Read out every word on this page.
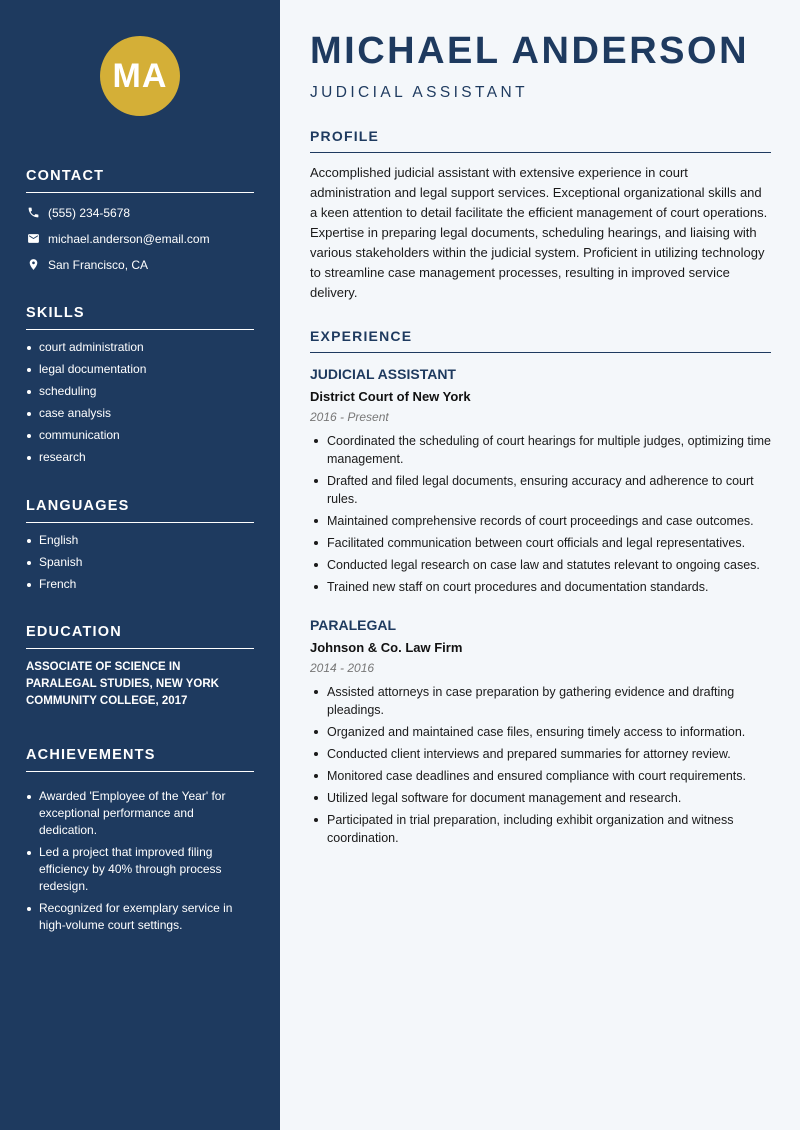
MA
CONTACT
(555) 234-5678
michael.anderson@email.com
San Francisco, CA
SKILLS
court administration
legal documentation
scheduling
case analysis
communication
research
LANGUAGES
English
Spanish
French
EDUCATION
ASSOCIATE OF SCIENCE IN PARALEGAL STUDIES, NEW YORK COMMUNITY COLLEGE, 2017
ACHIEVEMENTS
Awarded 'Employee of the Year' for exceptional performance and dedication.
Led a project that improved filing efficiency by 40% through process redesign.
Recognized for exemplary service in high-volume court settings.
MICHAEL ANDERSON
JUDICIAL ASSISTANT
PROFILE

Accomplished judicial assistant with extensive experience in court administration and legal support services. Exceptional organizational skills and a keen attention to detail facilitate the efficient management of court operations. Expertise in preparing legal documents, scheduling hearings, and liaising with various stakeholders within the judicial system. Proficient in utilizing technology to streamline case management processes, resulting in improved service delivery.

EXPERIENCE
JUDICIAL ASSISTANT
District Court of New York
2016 - Present
Coordinated the scheduling of court hearings for multiple judges, optimizing time management.
Drafted and filed legal documents, ensuring accuracy and adherence to court rules.
Maintained comprehensive records of court proceedings and case outcomes.
Facilitated communication between court officials and legal representatives.
Conducted legal research on case law and statutes relevant to ongoing cases.
Trained new staff on court procedures and documentation standards.
PARALEGAL
Johnson & Co. Law Firm
2014 - 2016
Assisted attorneys in case preparation by gathering evidence and drafting pleadings.
Organized and maintained case files, ensuring timely access to information.
Conducted client interviews and prepared summaries for attorney review.
Monitored case deadlines and ensured compliance with court requirements.
Utilized legal software for document management and research.
Participated in trial preparation, including exhibit organization and witness coordination.
